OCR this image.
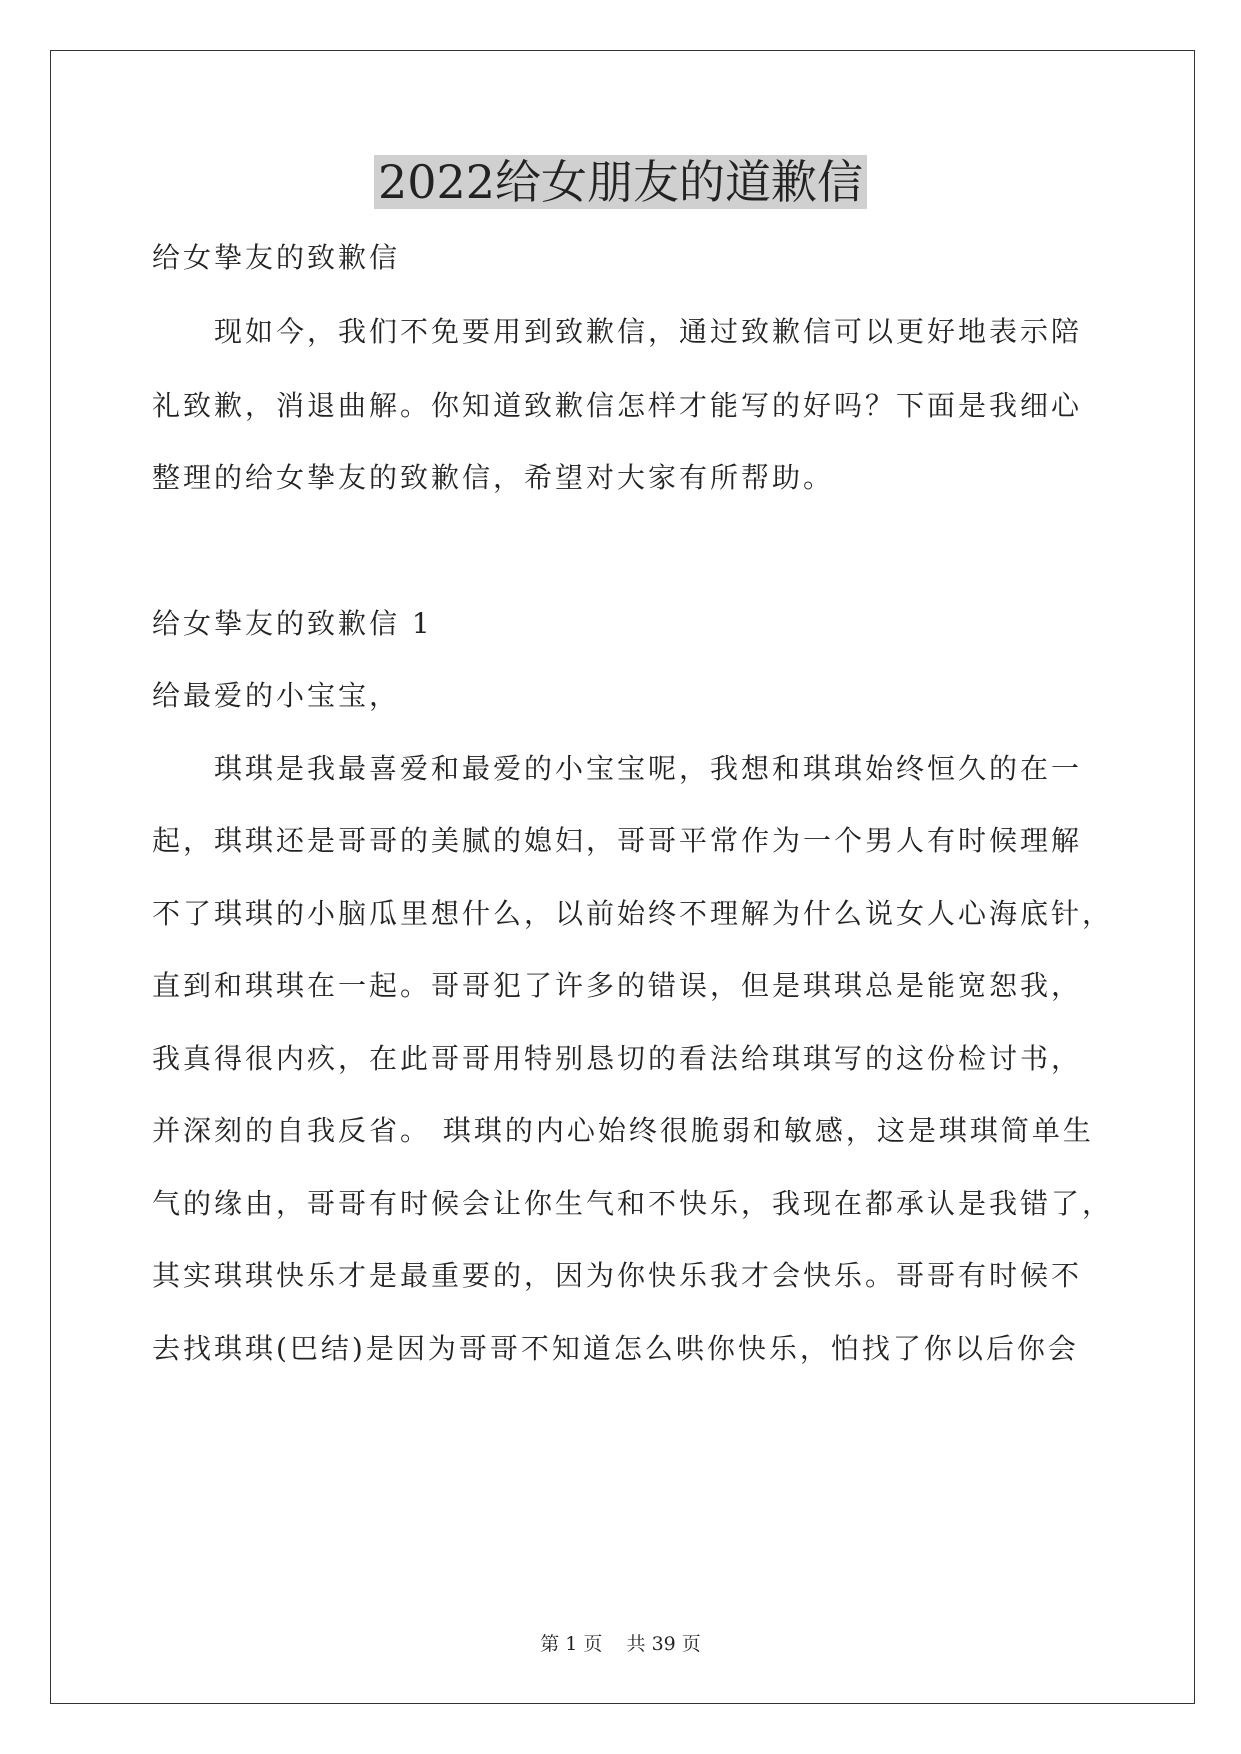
2022给女朋友的道歉信

给女挚友的致歉信

现如今，我们不免要用到致歉信，通过致歉信可以更好地表示陪

礼致歉，消退曲解。你知道致歉信怎样才能写的好吗？下面是我细心

整理的给女挚友的致歉信，希望对大家有所帮助。

给女挚友的致歉信 1

给最爱的小宝宝，

琪琪是我最喜爱和最爱的小宝宝呢，我想和琪琪始终恒久的在一

起，琪琪还是哥哥的美腻的媳妇，哥哥平常作为一个男人有时候理解

不了琪琪的小脑瓜里想什么，以前始终不理解为什么说女人心海底针，

直到和琪琪在一起。哥哥犯了许多的错误，但是琪琪总是能宽恕我，

我真得很内疚，在此哥哥用特别恳切的看法给琪琪写的这份检讨书，

并深刻的自我反省。 琪琪的内心始终很脆弱和敏感，这是琪琪简单生

气的缘由，哥哥有时候会让你生气和不快乐，我现在都承认是我错了，

其实琪琪快乐才是最重要的，因为你快乐我才会快乐。哥哥有时候不

去找琪琪(巴结)是因为哥哥不知道怎么哄你快乐，怕找了你以后你会

第 1 页 共 39 页
